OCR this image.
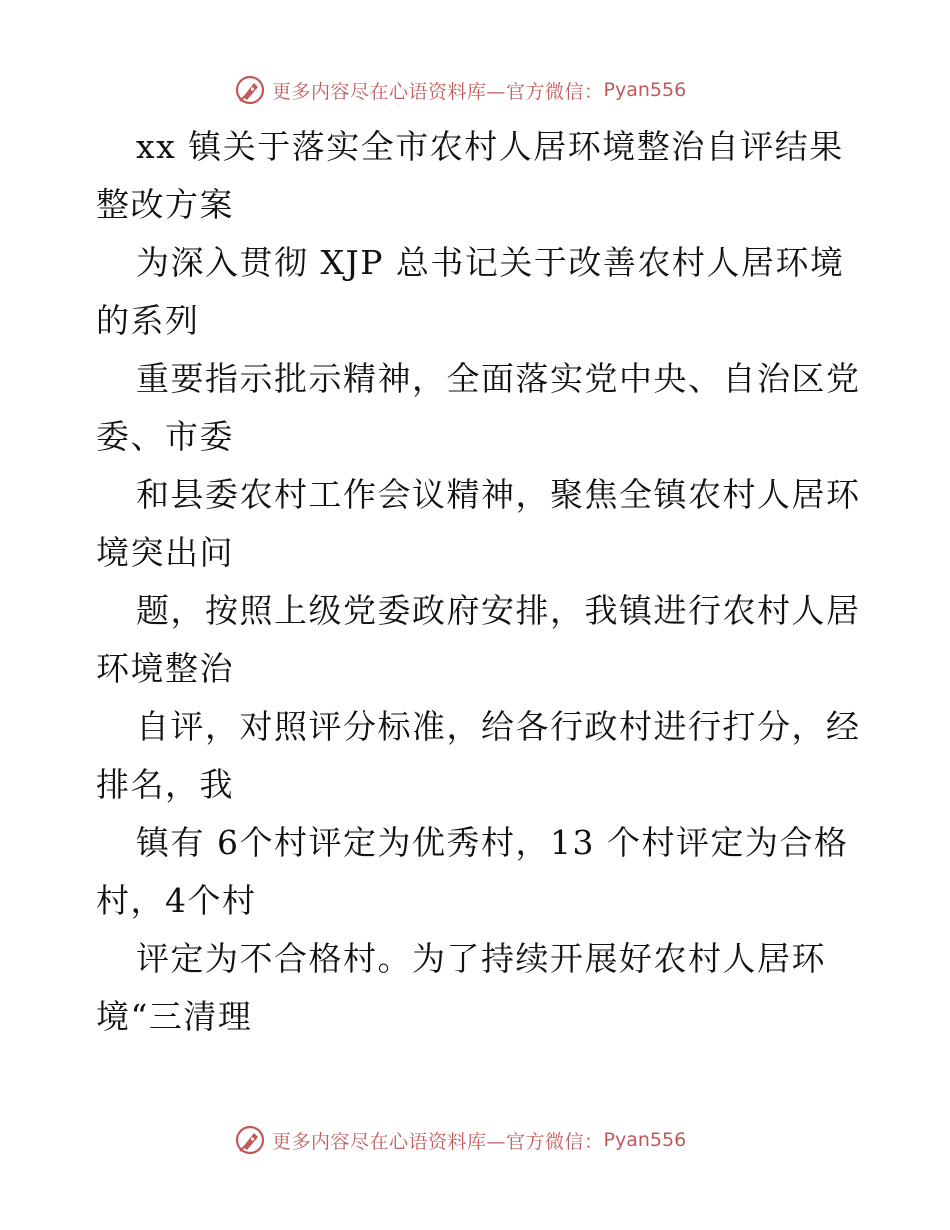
更多内容尽在心语资料库—官方微信： Pyan556
xx 镇关于落实全市农村人居环境整治自评结果
整改方案
为深入贯彻 XJP 总书记关于改善农村人居环境
的系列
重要指示批示精神，全面落实党中央、自治区党
委、市委
和县委农村工作会议精神，聚焦全镇农村人居环
境突出问
题，按照上级党委政府安排，我镇进行农村人居
环境整治
自评，对照评分标准，给各行政村进行打分，经
排名，我
镇有 6个村评定为优秀村，13 个村评定为合格
村，4个村
评定为不合格村。为了持续开展好农村人居环
境“三清理
更多内容尽在心语资料库—官方微信： Pyan556
